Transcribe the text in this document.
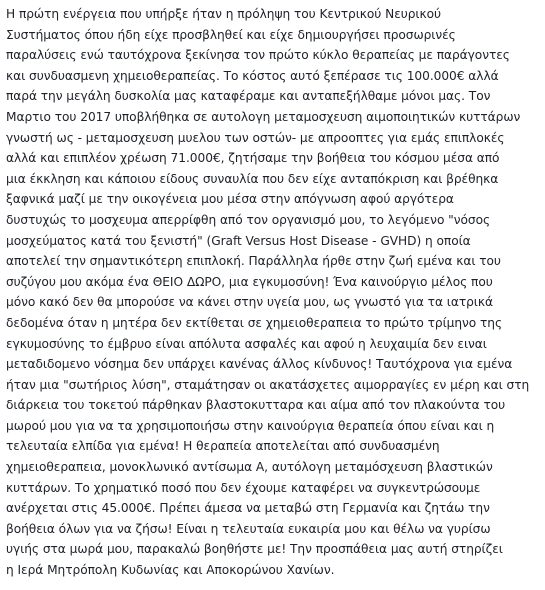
Η πρώτη ενέργεια που υπήρξε ήταν η πρόληψη του Κεντρικού Νευρικού
Συστήματος όπου ήδη είχε προσβληθεί και είχε δημιουργήσει προσωρινές
παραλύσεις ενώ ταυτόχρονα ξεκίνησα τον πρώτο κύκλο θεραπείας με παράγοντες
και συνδυασμενη χημειοθεραπείας. Το κόστος αυτό ξεπέρασε τις 100.000€ αλλά
παρά την μεγάλη δυσκολία μας καταφέραμε και ανταπεξήλθαμε μόνοι μας. Τον
Μαρτιο του 2017 υποβλήθηκα σε αυτολογη μεταμοσχευση αιμοποιητικών κυττάρων
γνωστή ως - μεταμοσχευση μυελου των οστών- με απροοπτες για εμάς επιπλοκές
αλλά και επιπλέον χρέωση 71.000€, ζητήσαμε την βοήθεια του κόσμου μέσα από
μια έκκληση και κάποιου είδους συναυλία που δεν είχε ανταπόκριση και βρέθηκα
ξαφνικά μαζί με την οικογένεια μου μέσα στην απόγνωση αφού αργότερα
δυστυχώς το μοσχευμα απερρίφθη από τον οργανισμό μου, το λεγόμενο "νόσος
μοσχεύματος κατά του ξενιστή" (Graft Versus Host Disease - GVHD) η οποία
αποτελεί την σημαντικότερη επιπλοκή. Παράλληλα ήρθε στην ζωή εμένα και του
συζύγου μου ακόμα ένα ΘΕΙΟ ΔΩΡΟ, μια εγκυμοσύνη! Ένα καινούργιο μέλος που
μόνο κακό δεν θα μπορούσε να κάνει στην υγεία μου, ως γνωστό για τα ιατρικά
δεδομένα όταν η μητέρα δεν εκτίθεται σε χημειοθεραπεια το πρώτο τρίμηνο της
εγκυμοσύνης το έμβρυο είναι απόλυτα ασφαλές και αφού η λευχαιμία δεν ειναι
μεταδιδομενο νόσημα δεν υπάρχει κανένας άλλος κίνδυνος! Ταυτόχρονα για εμένα
ήταν μια "σωτήριος λύση", σταμάτησαν οι ακατάσχετες αιμορραγίες εν μέρη και στη
διάρκεια του τοκετού πάρθηκαν βλαστοκυτταρα και αίμα από τον πλακούντα του
μωρού μου για να τα χρησιμοποιήσω στην καινούργια θεραπεία όπου είναι και η
τελευταία ελπίδα για εμένα! Η θεραπεία αποτελείται από συνδυασμένη
χημειοθεραπεια, μονοκλωνικό αντίσωμα Α, αυτόλογη μεταμόσχευση βλαστικών
κυττάρων. Το χρηματικό ποσό που δεν έχουμε καταφέρει να συγκεντρώσουμε
ανέρχεται στις 45.000€. Πρέπει άμεσα να μεταβώ στη Γερμανία και ζητάω την
βοήθεια όλων για να ζήσω! Είναι η τελευταία ευκαιρία μου και θέλω να γυρίσω
υγιής στα μωρά μου, παρακαλώ βοηθήστε με! Την προσπάθεια μας αυτή στηρίζει
η Ιερά Μητρόπολη Κυδωνίας και Αποκορώνου Χανίων.
